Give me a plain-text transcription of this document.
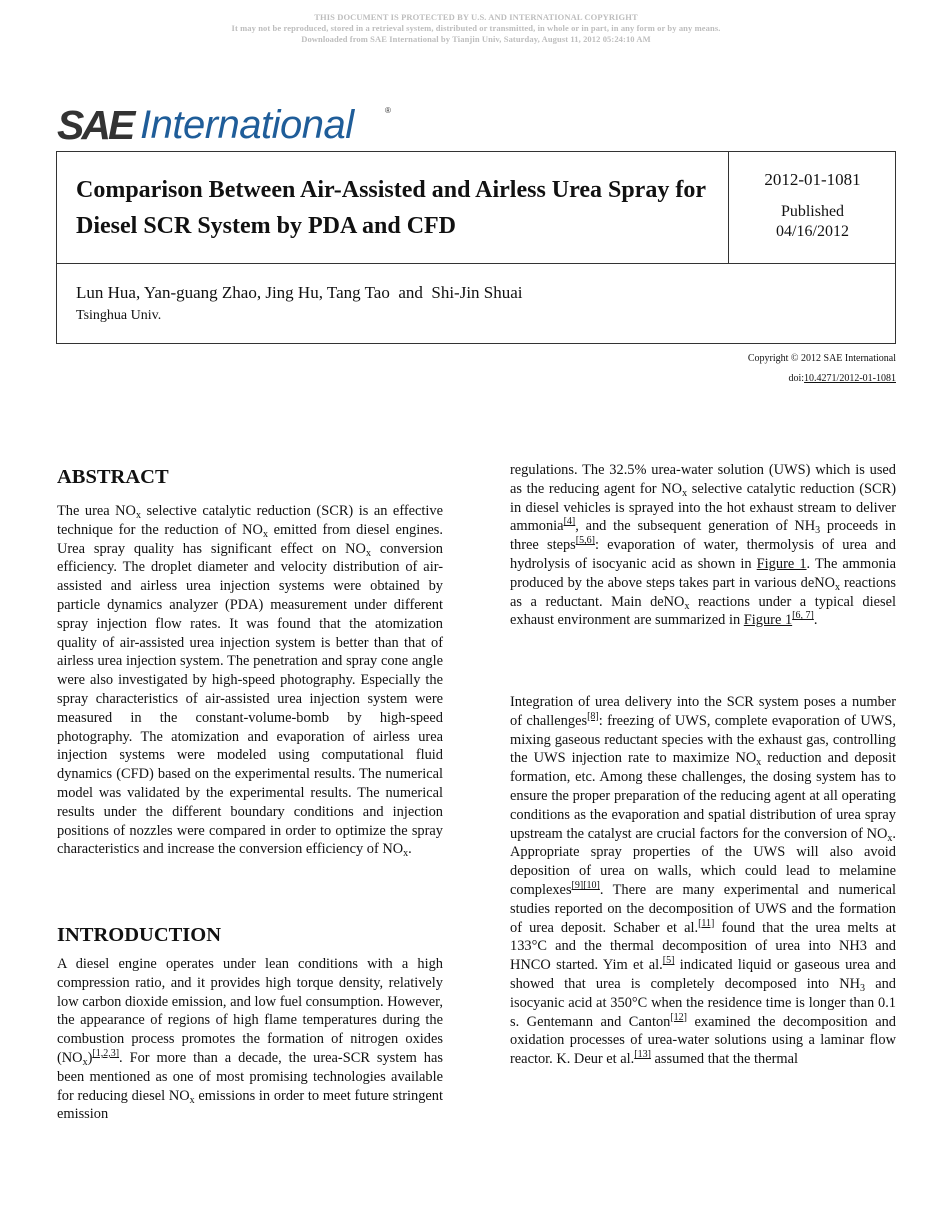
THIS DOCUMENT IS PROTECTED BY U.S. AND INTERNATIONAL COPYRIGHT
It may not be reproduced, stored in a retrieval system, distributed or transmitted, in whole or in part, in any form or by any means.
Downloaded from SAE International by Tianjin Univ, Saturday, August 11, 2012 05:24:10 AM
SAE International	®
Comparison Between Air-Assisted and Airless Urea Spray for Diesel SCR System by PDA and CFD
2012-01-1081
Published
04/16/2012
Lun Hua, Yan-guang Zhao, Jing Hu, Tang Tao  and  Shi-Jin Shuai
Tsinghua Univ.
Copyright © 2012 SAE International
doi:10.4271/2012-01-1081
ABSTRACT

The urea $NO_x$ selective catalytic reduction (SCR) is an effective technique for the reduction of $NO_x$ emitted from diesel engines. Urea spray quality has significant effect on $NO_x$ conversion efficiency. The droplet diameter and velocity distribution of air-assisted and airless urea injection systems were obtained by particle dynamics analyzer (PDA) measurement under different spray injection flow rates. It was found that the atomization quality of air-assisted urea injection system is better than that of airless urea injection system. The penetration and spray cone angle were also investigated by high-speed photography. Especially the spray characteristics of air-assisted urea injection system were measured in the constant-volume-bomb by high-speed photography. The atomization and evaporation of airless urea injection systems were modeled using computational fluid dynamics (CFD) based on the experimental results. The numerical model was validated by the experimental results. The numerical results under the different boundary conditions and injection positions of nozzles were compared in order to optimize the spray characteristics and increase the conversion efficiency of $NO_x$.

INTRODUCTION

A diesel engine operates under lean conditions with a high compression ratio, and it provides high torque density, relatively low carbon dioxide emission, and low fuel consumption. However, the appearance of regions of high flame temperatures during the combustion process promotes the formation of nitrogen oxides $(NO_x)[1,2,3]$. For more than a decade, the urea-SCR system has been mentioned as one of most promising technologies available for reducing diesel $NO_x$ emissions in order to meet future stringent emission

regulations. The 32.5% urea-water solution (UWS) which is used as the reducing agent for $NO_x$ selective catalytic reduction (SCR) in diesel vehicles is sprayed into the hot exhaust stream to deliver ammonia[4], and the subsequent generation of $NH_3$ proceeds in three steps[5,6]: evaporation of water, thermolysis of urea and hydrolysis of isocyanic acid as shown in Figure 1. The ammonia produced by the above steps takes part in various deNO$_x$ reactions as a reductant. Main deNO$_x$ reactions under a typical diesel exhaust environment are summarized in Figure 1[6, 7].

Integration of urea delivery into the SCR system poses a number of challenges[8]: freezing of UWS, complete evaporation of UWS, mixing gaseous reductant species with the exhaust gas, controlling the UWS injection rate to maximize $NO_x$ reduction and deposit formation, etc. Among these challenges, the dosing system has to ensure the proper preparation of the reducing agent at all operating conditions as the evaporation and spatial distribution of urea spray upstream the catalyst are crucial factors for the conversion of $NO_x$. Appropriate spray properties of the UWS will also avoid deposition of urea on walls, which could lead to melamine complexes[9][10]. There are many experimental and numerical studies reported on the decomposition of UWS and the formation of urea deposit. Schaber et al.[11] found that the urea melts at 133°C and the thermal decomposition of urea into NH3 and HNCO started. Yim et al.[5] indicated liquid or gaseous urea and showed that urea is completely decomposed into $NH_3$ and isocyanic acid at 350°C when the residence time is longer than 0.1 s. Gentemann and Canton[12] examined the decomposition and oxidation processes of urea-water solutions using a laminar flow reactor. K. Deur et al.[13] assumed that the thermal
